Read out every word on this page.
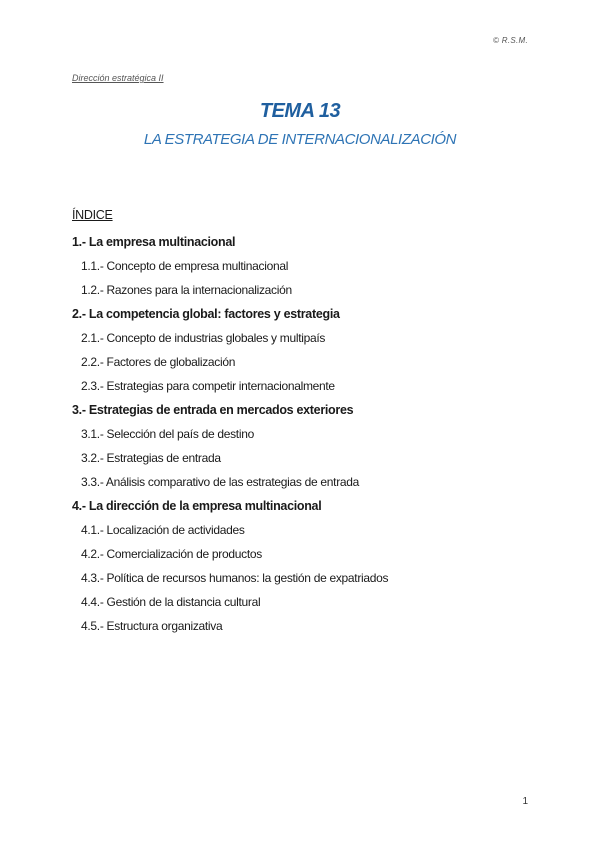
© R.S.M.
Dirección estratégica II
TEMA 13
LA ESTRATEGIA DE INTERNACIONALIZACIÓN
ÍNDICE
1.- La empresa multinacional
1.1.- Concepto de empresa multinacional
1.2.- Razones para la internacionalización
2.- La competencia global: factores y estrategia
2.1.- Concepto de industrias globales y multipaís
2.2.- Factores de globalización
2.3.- Estrategias para competir internacionalmente
3.- Estrategias de entrada en mercados exteriores
3.1.- Selección del país de destino
3.2.- Estrategias de entrada
3.3.- Análisis comparativo de las estrategias de entrada
4.- La dirección de la empresa multinacional
4.1.- Localización de actividades
4.2.- Comercialización de productos
4.3.- Política de recursos humanos: la gestión de expatriados
4.4.- Gestión de la distancia cultural
4.5.- Estructura organizativa
1
